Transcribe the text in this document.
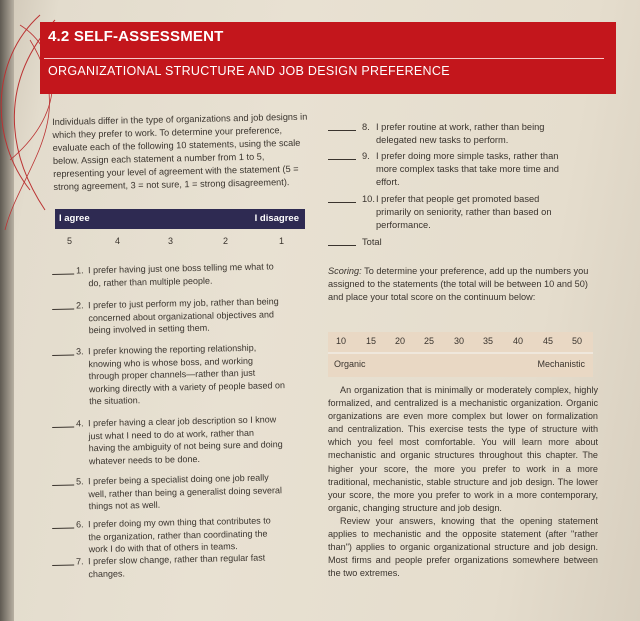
4.2 SELF-ASSESSMENT
ORGANIZATIONAL STRUCTURE AND JOB DESIGN PREFERENCE
Individuals differ in the type of organizations and job designs in which they prefer to work. To determine your preference, evaluate each of the following 10 statements, using the scale below. Assign each statement a number from 1 to 5, representing your level of agreement with the statement (5 = strong agreement, 3 = not sure, 1 = strong disagreement).
I agree	I disagree
5	4	3	2	1
1. I prefer having just one boss telling me what to
do, rather than multiple people.
2. I prefer to just perform my job, rather than being
concerned about organizational objectives and
being involved in setting them.
3. I prefer knowing the reporting relationship,
knowing who is whose boss, and working
through proper channels—rather than just
working directly with a variety of people based on
the situation.
4. I prefer having a clear job description so I know
just what I need to do at work, rather than
having the ambiguity of not being sure and doing
whatever needs to be done.
5. I prefer being a specialist doing one job really
well, rather than being a generalist doing several
things not as well.
6. I prefer doing my own thing that contributes to
the organization, rather than coordinating the
work I do with that of others in teams.
7. I prefer slow change, rather than regular fast
changes.
8. I prefer routine at work, rather than being
delegated new tasks to perform.
9. I prefer doing more simple tasks, rather than
more complex tasks that take more time and
effort.
10. I prefer that people get promoted based
primarily on seniority, rather than based on
performance.
Total
Scoring: To determine your preference, add up the numbers you assigned to the statements (the total will be between 10 and 50) and place your total score on the continuum below:
10 15 20 25 30 35 40 45 50
Organic	Mechanistic

An organization that is minimally or moderately complex, highly formalized, and centralized is a mechanistic organization. Organic organizations are even more complex but lower on formalization and centralization. This exercise tests the type of structure with which you feel most comfortable. You will learn more about mechanistic and organic structures throughout this chapter. The higher your score, the more you prefer to work in a more traditional, mechanistic, stable structure and job design. The lower your score, the more you prefer to work in a more contemporary, organic, changing structure and job design.

Review your answers, knowing that the opening statement applies to mechanistic and the opposite statement (after "rather than") applies to organic organizational structure and job design. Most firms and people prefer organizations somewhere between the two extremes.
